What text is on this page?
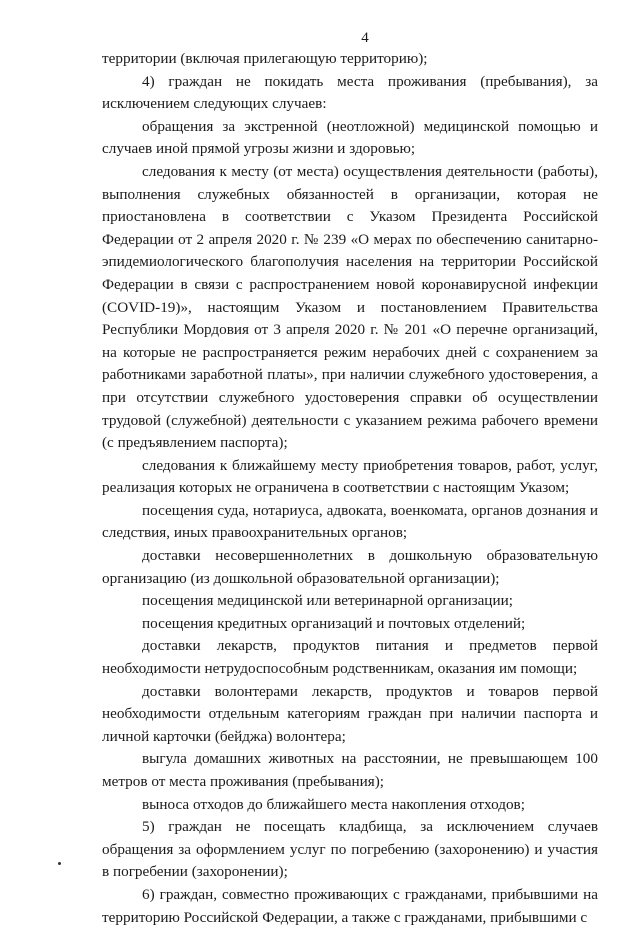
4

территории (включая прилегающую территорию);

4) граждан не покидать места проживания (пребывания), за исключением следующих случаев:

обращения за экстренной (неотложной) медицинской помощью и случаев иной прямой угрозы жизни и здоровью;

следования к месту (от места) осуществления деятельности (работы), выполнения служебных обязанностей в организации, которая не приостановлена в соответствии с Указом Президента Российской Федерации от 2 апреля 2020 г. № 239 «О мерах по обеспечению санитарно-эпидемиологического благополучия населения на территории Российской Федерации в связи с распространением новой коронавирусной инфекции (COVID-19)», настоящим Указом и постановлением Правительства Республики Мордовия от 3 апреля 2020 г. № 201 «О перечне организаций, на которые не распространяется режим нерабочих дней с сохранением за работниками заработной платы», при наличии служебного удостоверения, а при отсутствии служебного удостоверения справки об осуществлении трудовой (служебной) деятельности с указанием режима рабочего времени (с предъявлением паспорта);

следования к ближайшему месту приобретения товаров, работ, услуг, реализация которых не ограничена в соответствии с настоящим Указом;

посещения суда, нотариуса, адвоката, военкомата, органов дознания и следствия, иных правоохранительных органов;

доставки несовершеннолетних в дошкольную образовательную организацию (из дошкольной образовательной организации);

посещения медицинской или ветеринарной организации;

посещения кредитных организаций и почтовых отделений;

доставки лекарств, продуктов питания и предметов первой необходимости нетрудоспособным родственникам, оказания им помощи;

доставки волонтерами лекарств, продуктов и товаров первой необходимости отдельным категориям граждан при наличии паспорта и личной карточки (бейджа) волонтера;

выгула домашних животных на расстоянии, не превышающем 100 метров от места проживания (пребывания);

выноса отходов до ближайшего места накопления отходов;

5) граждан не посещать кладбища, за исключением случаев обращения за оформлением услуг по погребению (захоронению) и участия в погребении (захоронении);

6) граждан, совместно проживающих с гражданами, прибывшими на территорию Российской Федерации, а также с гражданами, прибывшими с
